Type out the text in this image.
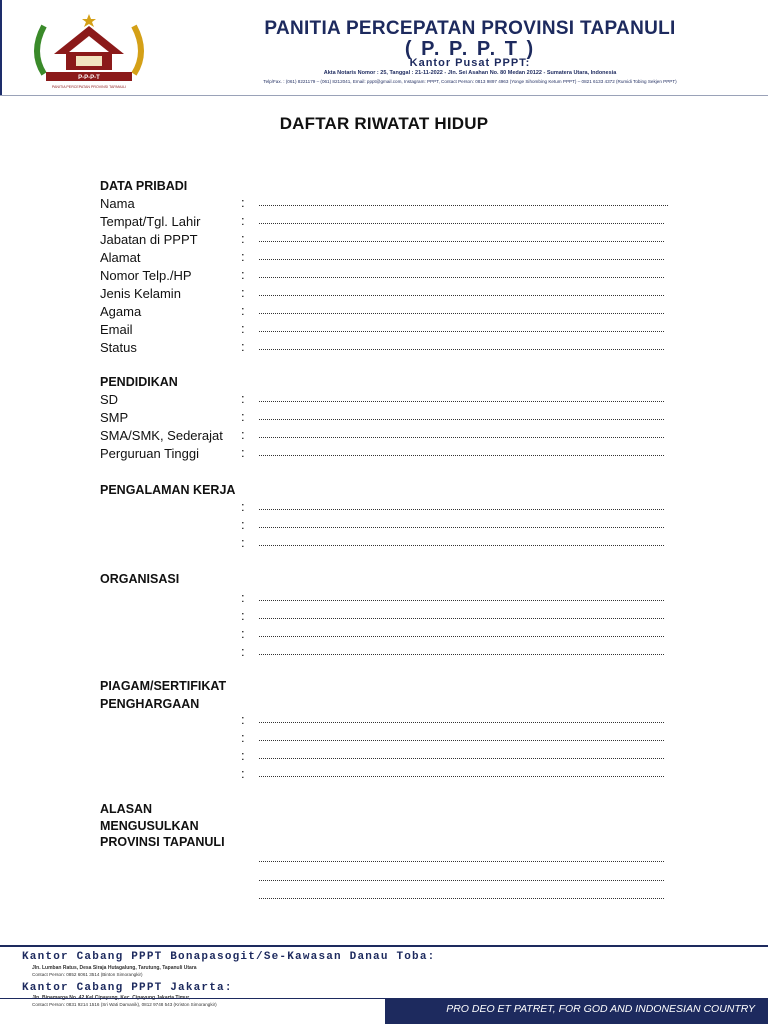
P-P-P-T
PANITIA PERCEPATAN PROVINSI TAPANULI
PANITIA PERCEPATAN PROVINSI TAPANULI
( P. P. P. T )
Kantor Pusat PPPT:
Akta Notaris Nomor : 25, Tanggal : 21-11-2022 - Jln. Sei Asahan No. 80 Medan 20122 - Sumatera Utara, Indonesia
Telp/Fax. : (061) 8221179 – (061) 8212041, Email: pppt@gmail.com, Instagram: PPPT, Contact Person: 0813 9897 4963 (Yonge Sihombing Ketum PPPT) – 0821 6133 4372 (Rumidi Tobing Sekjen PPPT)
DAFTAR RIWATAT HIDUP
DATA PRIBADI
Nama	:
Tempat/Tgl. Lahir	:
Jabatan di PPPT	:
Alamat	:
Nomor Telp./HP	:
Jenis Kelamin	:
Agama	:
Email	:
Status	:
PENDIDIKAN
SD	:
SMP	:
SMA/SMK, Sederajat :
Perguruan Tinggi	:
PENGALAMAN KERJA
:
:
:
ORGANISASI
:
:
:
:
PIAGAM/SERTIFIKAT
PENGHARGAAN
:
:
:
:
ALASAN
MENGUSULKAN
PROVINSI TAPANULI
Kantor Cabang PPPT Bonapasogit/Se-Kawasan Danau Toba:
Jln. Lumban Ratus, Desa Siraja Hutagalung, Tarutung, Tapanuli Utara
Contact Person: 0852 6061 3514 (Binton Simorangkir)
Kantor Cabang PPPT Jakarta:
Contact Person: 0831 9214 1516 (Sri Wati Damanik), 0812 9748 543 (Kriston Simorangkir)	PRO DEO ET PATRET, FOR GOD AND INDONESIAN COUNTRY
